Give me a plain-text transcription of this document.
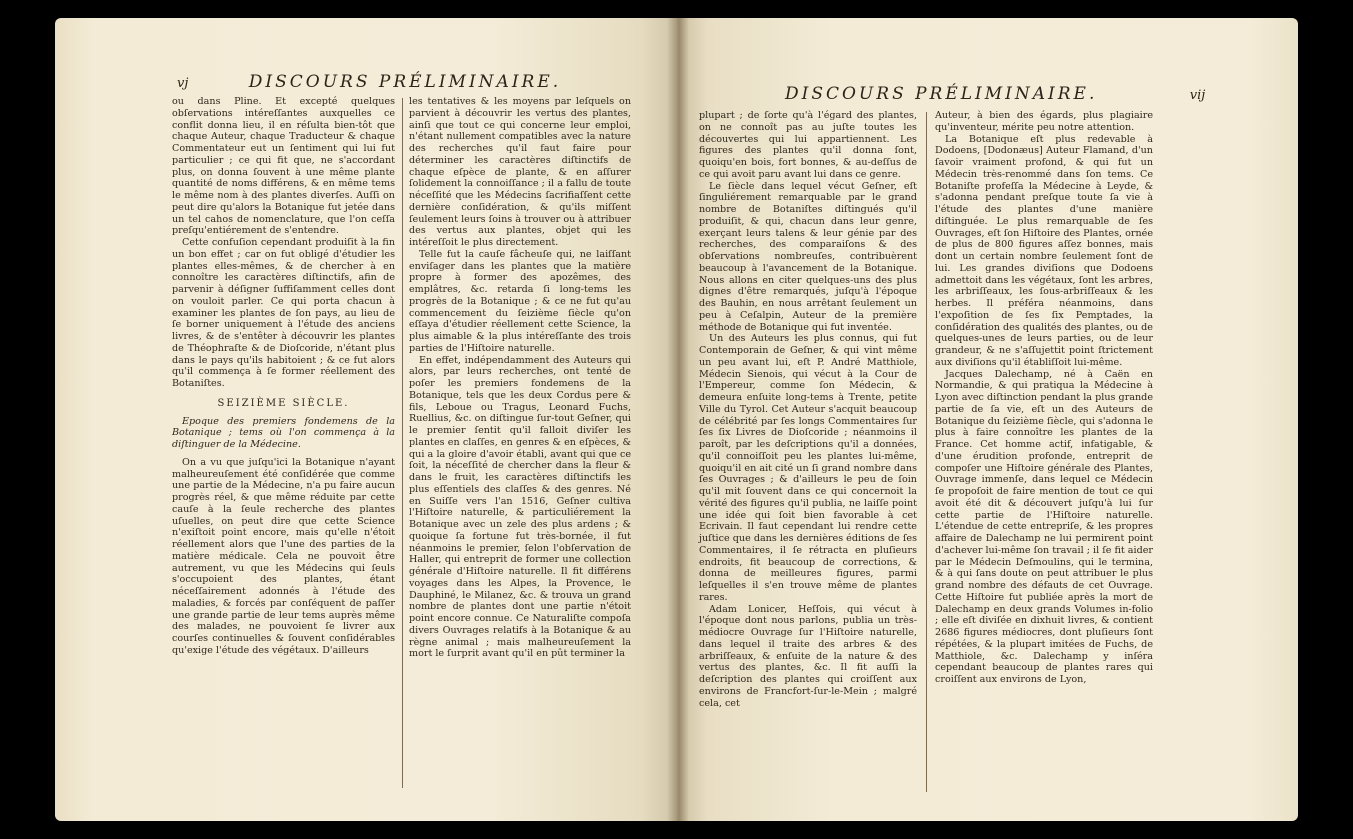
vj	DISCOURS PRÉLIMINAIRE.

ou dans Pline. Et excepté quelques obſervations intéreſſantes auxquelles ce conflit donna lieu, il en réſulta bien-tôt que chaque Auteur, chaque Traducteur & chaque Commentateur eut un ſentiment qui lui fut particulier ; ce qui fit que, ne s'accordant plus, on donna ſouvent à une même plante quantité de noms différens, & en même tems le même nom à des plantes diverſes. Auſſi on peut dire qu'alors la Botanique fut jetée dans un tel cahos de nomenclature, que l'on ceſſa preſqu'entiérement de s'entendre.

Cette confuſion cependant produiſit à la fin un bon effet ; car on fut obligé d'étudier les plantes elles-mêmes, & de chercher à en connoître les caractères diſtinctifs, afin de parvenir à déſigner ſuffiſamment celles dont on vouloit parler. Ce qui porta chacun à examiner les plantes de ſon pays, au lieu de ſe borner uniquement à l'étude des anciens livres, & de s'entêter à découvrir les plantes de Théophraſte & de Dioſcoride, n'étant plus dans le pays qu'ils habitoient ; & ce fut alors qu'il commença à ſe former réellement des Botaniſtes.

SEIZIÈME SIÈCLE.

Epoque des premiers fondemens de la Botanique ; tems où l'on commença à la diſtinguer de la Médecine.

On a vu que juſqu'ici la Botanique n'ayant malheureuſement été conſidérée que comme une partie de la Médecine, n'a pu faire aucun progrès réel, & que même réduite par cette cauſe à la ſeule recherche des plantes uſuelles, on peut dire que cette Science n'exiſtoit point encore, mais qu'elle n'étoit réellement alors que l'une des parties de la matière médicale. Cela ne pouvoit être autrement, vu que les Médecins qui ſeuls s'occupoient des plantes, étant néceſſairement adonnés à l'étude des maladies, & forcés par conſéquent de paſſer une grande partie de leur tems auprès même des malades, ne pouvoient ſe livrer aux courſes continuelles & ſouvent conſidérables qu'exige l'étude des végétaux. D'ailleurs

les tentatives & les moyens par leſquels on parvient à découvrir les vertus des plantes, ainſi que tout ce qui concerne leur emploi, n'étant nullement compatibles avec la nature des recherches qu'il faut faire pour déterminer les caractères diſtinctifs de chaque eſpèce de plante, & en aſſurer ſolidement la connoiſſance ; il a fallu de toute néceſſité que les Médecins ſacrifiaſſent cette dernière conſidération, & qu'ils miſſent ſeulement leurs ſoins à trouver ou à attribuer des vertus aux plantes, objet qui les intéreſſoit le plus directement.

Telle fut la cauſe fâcheuſe qui, ne laiſſant enviſager dans les plantes que la matière propre à former des apozêmes, des emplâtres, &c. retarda ſi long-tems les progrès de la Botanique ; & ce ne fut qu'au commencement du ſeizième ſiècle qu'on eſſaya d'étudier réellement cette Science, la plus aimable & la plus intéreſſante des trois parties de l'Hiſtoire naturelle.

En effet, indépendamment des Auteurs qui alors, par leurs recherches, ont tenté de poſer les premiers fondemens de la Botanique, tels que les deux Cordus pere & fils, Leboue ou Tragus, Leonard Fuchs, Ruellius, &c. on diſtingue ſur-tout Geſner, qui le premier ſentit qu'il falloit diviſer les plantes en claſſes, en genres & en eſpèces, & qui a la gloire d'avoir établi, avant qui que ce ſoit, la néceſſité de chercher dans la fleur & dans le fruit, les caractères diſtinctifs les plus eſſentiels des claſſes & des genres. Né en Suiſſe vers l'an 1516, Geſner cultiva l'Hiſtoire naturelle, & particuliérement la Botanique avec un zele des plus ardens ; & quoique ſa fortune fut très-bornée, il fut néanmoins le premier, ſelon l'obſervation de Haller, qui entreprit de former une collection générale d'Hiſtoire naturelle. Il fit différens voyages dans les Alpes, la Provence, le Dauphiné, le Milanez, &c. & trouva un grand nombre de plantes dont une partie n'étoit point encore connue. Ce Naturaliſte compoſa divers Ouvrages relatifs à la Botanique & au règne animal ; mais malheureuſement la mort le ſurprit avant qu'il en pût terminer la

DISCOURS PRÉLIMINAIRE.	vij

plupart ; de ſorte qu'à l'égard des plantes, on ne connoît pas au juſte toutes les découvertes qui lui appartiennent. Les figures des plantes qu'il donna ſont, quoiqu'en bois, fort bonnes, & au-deſſus de ce qui avoit paru avant lui dans ce genre.

Le ſiècle dans lequel vécut Geſner, eſt ſinguliérement remarquable par le grand nombre de Botaniſtes diſtingués qu'il produiſit, & qui, chacun dans leur genre, exerçant leurs talens & leur génie par des recherches, des comparaiſons & des obſervations nombreuſes, contribuèrent beaucoup à l'avancement de la Botanique. Nous allons en citer quelques-uns des plus dignes d'être remarqués, juſqu'à l'époque des Bauhin, en nous arrêtant ſeulement un peu à Ceſalpin, Auteur de la première méthode de Botanique qui fut inventée.

Un des Auteurs les plus connus, qui fut Contemporain de Geſner, & qui vint même un peu avant lui, eſt P. André Matthiole, Médecin Sienois, qui vécut à la Cour de l'Empereur, comme ſon Médecin, & demeura enſuite long-tems à Trente, petite Ville du Tyrol. Cet Auteur s'acquit beaucoup de célébrité par ſes longs Commentaires ſur ſes ſix Livres de Dioſcoride ; néanmoins il paroît, par les deſcriptions qu'il a données, qu'il connoiſſoit peu les plantes lui-même, quoiqu'il en ait cité un ſi grand nombre dans ſes Ouvrages ; & d'ailleurs le peu de ſoin qu'il mit ſouvent dans ce qui concernoit la vérité des figures qu'il publia, ne laiſſe point une idée qui ſoit bien favorable à cet Ecrivain. Il faut cependant lui rendre cette juſtice que dans les dernières éditions de ſes Commentaires, il ſe rétracta en pluſieurs endroits, fit beaucoup de corrections, & donna de meilleures figures, parmi leſquelles il s'en trouve même de plantes rares.

Adam Lonicer, Heſſois, qui vécut à l'époque dont nous parlons, publia un très-médiocre Ouvrage ſur l'Hiſtoire naturelle, dans lequel il traite des arbres & des arbriſſeaux, & enſuite de la nature & des vertus des plantes, &c. Il fit auſſi la deſcription des plantes qui croiſſent aux environs de Francfort-ſur-le-Mein ; malgré cela, cet

Auteur, à bien des égards, plus plagiaire qu'inventeur, mérite peu notre attention.

La Botanique eſt plus redevable à Dodoens, [Dodonæus] Auteur Flamand, d'un ſavoir vraiment profond, & qui fut un Médecin très-renommé dans ſon tems. Ce Botaniſte profeſſa la Médecine à Leyde, & s'adonna pendant preſque toute ſa vie à l'étude des plantes d'une manière diſtinguée. Le plus remarquable de ſes Ouvrages, eſt ſon Hiſtoire des Plantes, ornée de plus de 800 figures aſſez bonnes, mais dont un certain nombre ſeulement ſont de lui. Les grandes diviſions que Dodoens admettoit dans les végétaux, ſont les arbres, les arbriſſeaux, les ſous-arbriſſeaux & les herbes. Il préféra néanmoins, dans l'expoſition de ſes ſix Pemptades, la conſidération des qualités des plantes, ou de quelques-unes de leurs parties, ou de leur grandeur, & ne s'aſſujettit point ſtrictement aux diviſions qu'il établiſſoit lui-même.

Jacques Dalechamp, né à Caën en Normandie, & qui pratiqua la Médecine à Lyon avec diſtinction pendant la plus grande partie de ſa vie, eſt un des Auteurs de Botanique du ſeizième ſiècle, qui s'adonna le plus à faire connoître les plantes de la France. Cet homme actif, infatigable, & d'une érudition profonde, entreprit de compoſer une Hiſtoire générale des Plantes, Ouvrage immenſe, dans lequel ce Médecin ſe propoſoit de faire mention de tout ce qui avoit été dit & découvert juſqu'à lui ſur cette partie de l'Hiſtoire naturelle. L'étendue de cette entrepriſe, & les propres affaire de Dalechamp ne lui permirent point d'achever lui-même ſon travail ; il ſe fit aider par le Médecin Deſmoulins, qui le termina, & à qui ſans doute on peut attribuer le plus grand nombre des défauts de cet Ouvrage. Cette Hiſtoire fut publiée après la mort de Dalechamp en deux grands Volumes in-folio ; elle eſt diviſée en dixhuit livres, & contient 2686 figures médiocres, dont pluſieurs ſont répétées, & la plupart imitées de Fuchs, de Matthiole, &c. Dalechamp y inſéra cependant beaucoup de plantes rares qui croiſſent aux environs de Lyon,
